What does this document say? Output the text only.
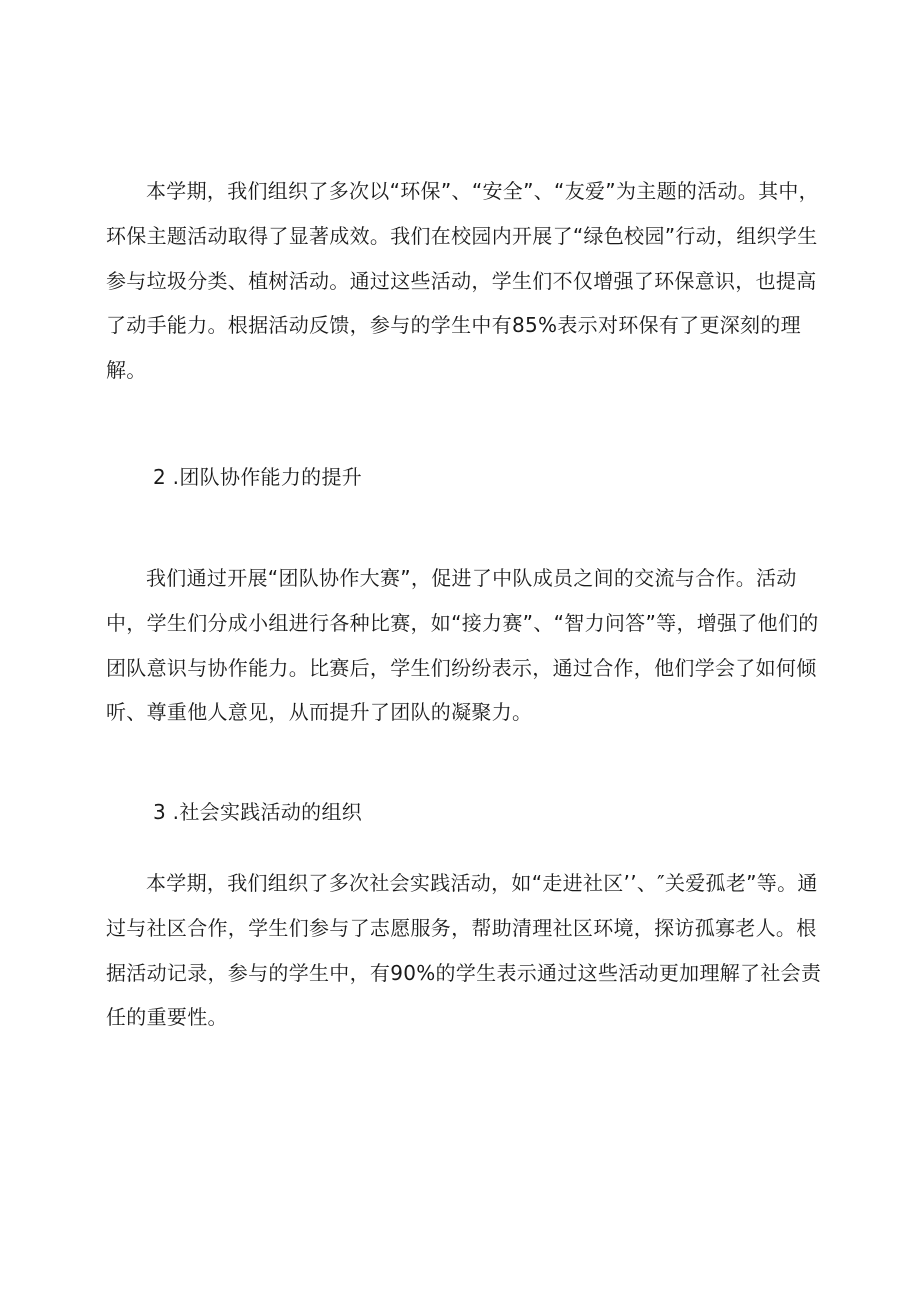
本学期，我们组织了多次以“环保”、“安全”、“友爱”为主题的活动。其中，环保主题活动取得了显著成效。我们在校园内开展了“绿色校园”行动，组织学生参与垃圾分类、植树活动。通过这些活动，学生们不仅增强了环保意识，也提高了动手能力。根据活动反馈，参与的学生中有85%表示对环保有了更深刻的理解。

2 .团队协作能力的提升

我们通过开展“团队协作大赛”，促进了中队成员之间的交流与合作。活动中，学生们分成小组进行各种比赛，如“接力赛”、“智力问答”等，增强了他们的团队意识与协作能力。比赛后，学生们纷纷表示，通过合作，他们学会了如何倾听、尊重他人意见，从而提升了团队的凝聚力。

3 .社会实践活动的组织

本学期，我们组织了多次社会实践活动，如“走进社区’’、″关爱孤老”等。通过与社区合作，学生们参与了志愿服务，帮助清理社区环境，探访孤寡老人。根据活动记录，参与的学生中，有90%的学生表示通过这些活动更加理解了社会责任的重要性。
